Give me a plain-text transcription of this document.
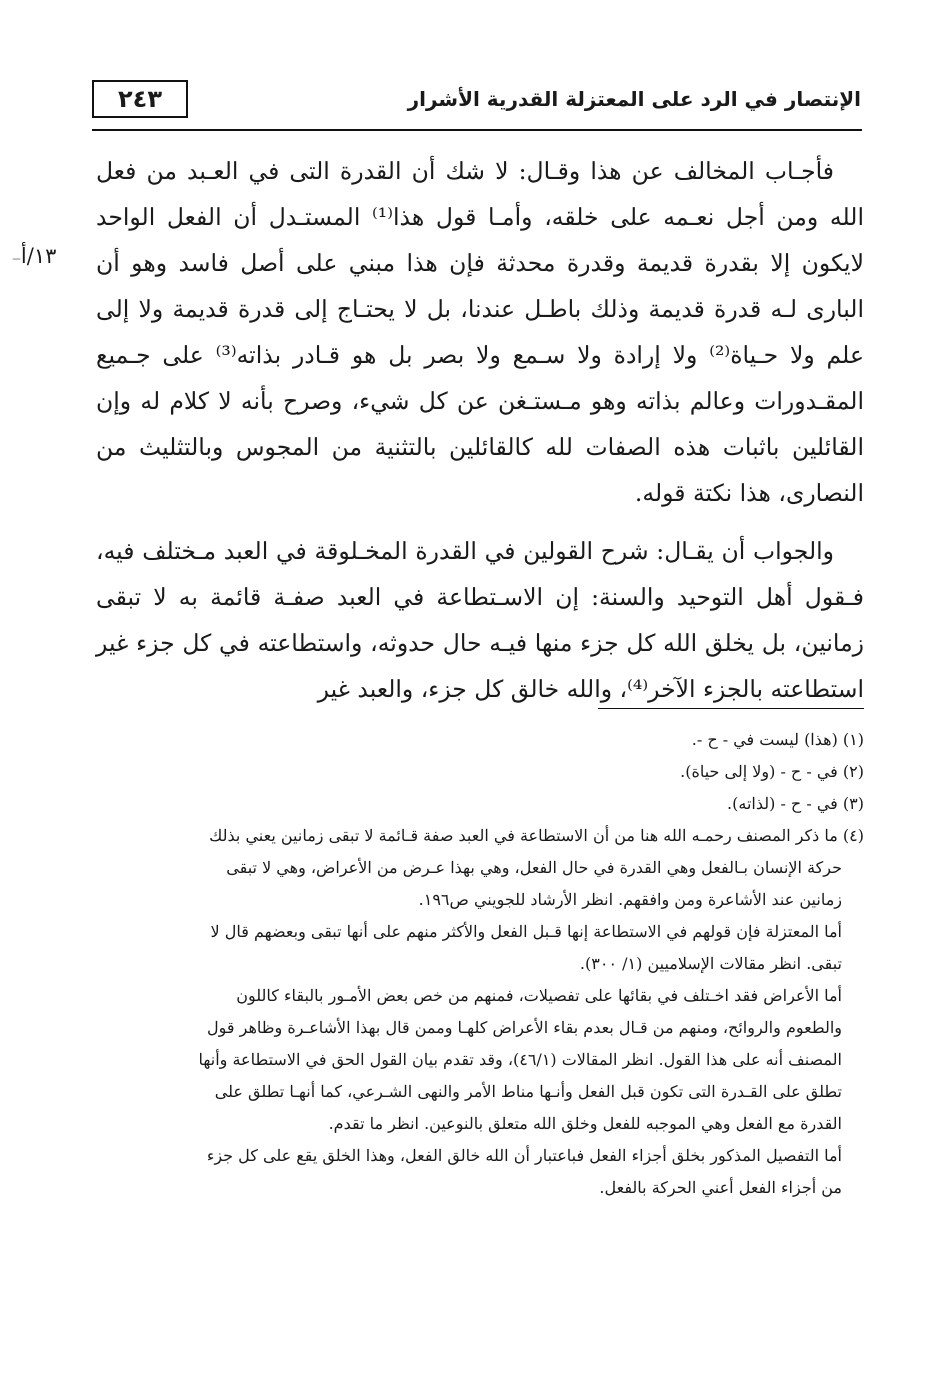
٢٤٣	الإنتصار في الرد على المعتزلة القدرية الأشرار
١٣/أ‒

فأجـاب المخالف عن هذا وقـال: لا شك أن القدرة التى في العـبد من فعل الله ومن أجل نعـمه على خلقه، وأمـا قول هذا⁽¹⁾ المستـدل أن الفعل الواحد لايكون إلا بقدرة قديمة وقدرة محدثة فإن هذا مبني على أصل فاسد وهو أن البارى لـه قدرة قديمة وذلك باطـل عندنا، بل لا يحتـاج إلى قدرة قديمة ولا إلى علم ولا حـياة⁽²⁾ ولا إرادة ولا سـمع ولا بصر بل هو قـادر بذاته⁽³⁾ على جـميع المقـدورات وعالم بذاته وهو مـستـغن عن كل شيء، وصرح بأنه لا كلام له وإن القائلين باثبات هذه الصفات لله كالقائلين بالتثنية من المجوس وبالتثليث من النصارى، هذا نكتة قوله.

والجواب أن يقـال: شرح القولين في القدرة المخـلوقة في العبد مـختلف فيه، فـقول أهل التوحيد والسنة: إن الاسـتطاعة في العبد صفـة قائمة به لا تبقى زمانين، بل يخلق الله كل جزء منها فيـه حال حدوثه، واستطاعته في كل جزء غير استطاعته بالجزء الآخر⁽⁴⁾، والله خالق كل جزء، والعبد غير

(١) (هذا) ليست في - ح -.

(٢) في - ح - (ولا إلى حياة).

(٣) في - ح - (لذاته).

(٤) ما ذكر المصنف رحمـه الله هنا من أن الاستطاعة في العبد صفة قـائمة لا تبقى زمانين يعني بذلك

حركة الإنسان بـالفعل وهي القدرة في حال الفعل، وهي بهذا عـرض من الأعراض، وهي لا تبقى

زمانين عند الأشاعرة ومن وافقهم. انظر الأرشاد للجويني ص١٩٦.

أما المعتزلة فإن قولهم في الاستطاعة إنها قـبل الفعل والأكثر منهم على أنها تبقى وبعضهم قال لا

تبقى. انظر مقالات الإسلاميين (١/ ٣٠٠).

أما الأعراض فقد اخـتلف في بقائها على تفصيلات، فمنهم من خص بعض الأمـور بالبقاء كاللون

والطعوم والروائح، ومنهم من قـال بعدم بقاء الأعراض كلهـا وممن قال بهذا الأشاعـرة وظاهر قول

المصنف أنه على هذا القول. انظر المقالات (٤٦/١)، وقد تقدم بيان القول الحق في الاستطاعة وأنها

تطلق على القـدرة التى تكون قبل الفعل وأنـها مناط الأمر والنهى الشـرعي، كما أنهـا تطلق على

القدرة مع الفعل وهي الموجبه للفعل وخلق الله متعلق بالنوعين. انظر ما تقدم.

أما التفصيل المذكور بخلق أجزاء الفعل فباعتبار أن الله خالق الفعل، وهذا الخلق يقع على كل جزء

من أجزاء الفعل أعني الحركة بالفعل.
